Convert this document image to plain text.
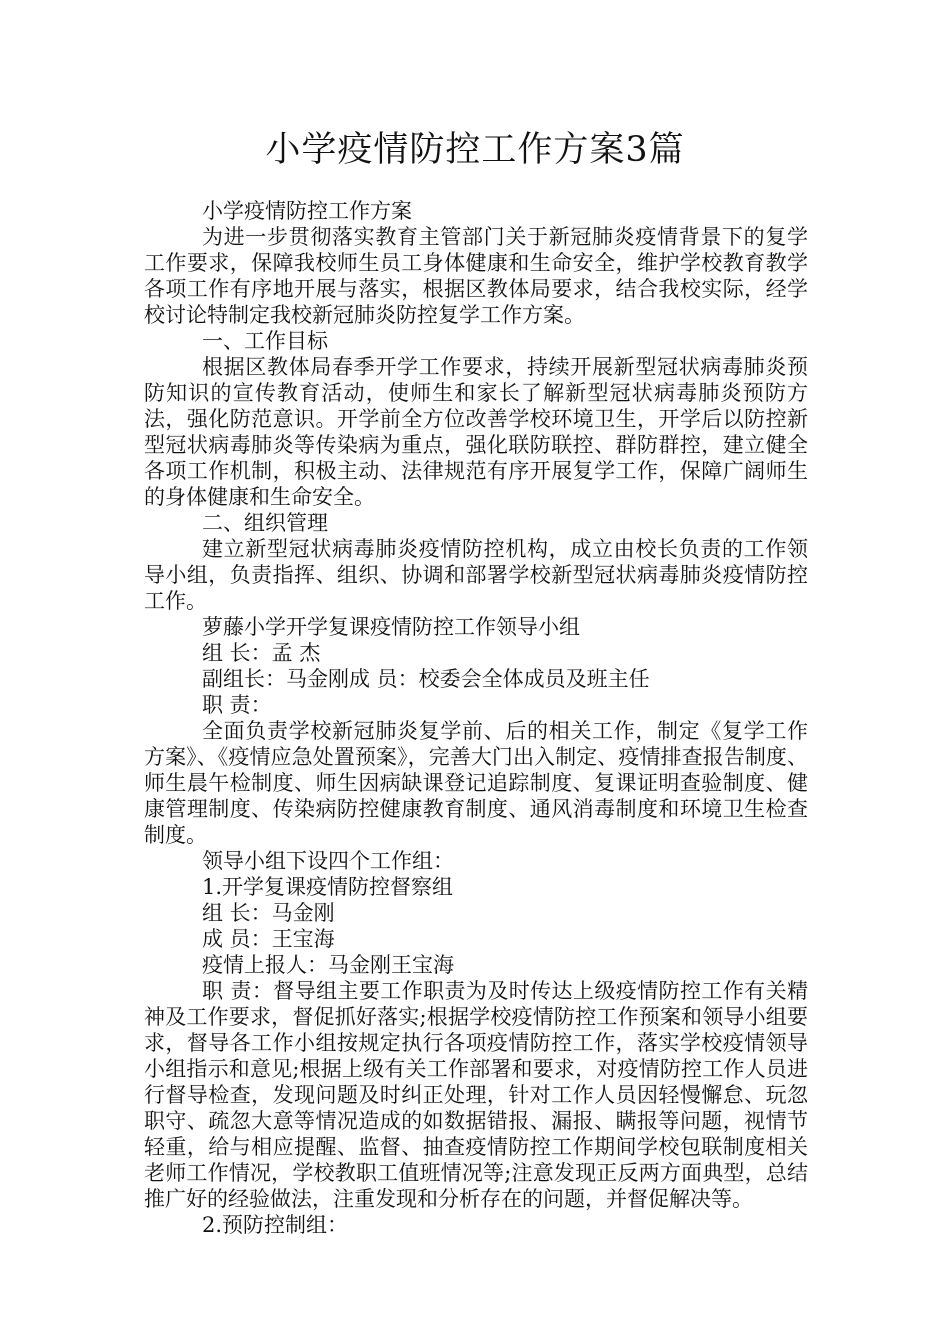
小学疫情防控工作方案3篇

小学疫情防控工作方案

为进一步贯彻落实教育主管部门关于新冠肺炎疫情背景下的复学工作要求，保障我校师生员工身体健康和生命安全，维护学校教育教学各项工作有序地开展与落实，根据区教体局要求，结合我校实际，经学校讨论特制定我校新冠肺炎防控复学工作方案。

一、工作目标

根据区教体局春季开学工作要求，持续开展新型冠状病毒肺炎预防知识的宣传教育活动，使师生和家长了解新型冠状病毒肺炎预防方法，强化防范意识。开学前全方位改善学校环境卫生，开学后以防控新型冠状病毒肺炎等传染病为重点，强化联防联控、群防群控，建立健全各项工作机制，积极主动、法律规范有序开展复学工作，保障广阔师生的身体健康和生命安全。

二、组织管理

建立新型冠状病毒肺炎疫情防控机构，成立由校长负责的工作领导小组，负责指挥、组织、协调和部署学校新型冠状病毒肺炎疫情防控工作。

萝藤小学开学复课疫情防控工作领导小组

组 长：孟 杰

副组长：马金刚成 员：校委会全体成员及班主任

职 责：

全面负责学校新冠肺炎复学前、后的相关工作，制定《复学工作方案》、《疫情应急处置预案》，完善大门出入制定、疫情排查报告制度、师生晨午检制度、师生因病缺课登记追踪制度、复课证明查验制度、健康管理制度、传染病防控健康教育制度、通风消毒制度和环境卫生检查制度。

领导小组下设四个工作组：

1.开学复课疫情防控督察组

组 长：马金刚

成 员：王宝海

疫情上报人：马金刚王宝海

职 责：督导组主要工作职责为及时传达上级疫情防控工作有关精神及工作要求，督促抓好落实;根据学校疫情防控工作预案和领导小组要求，督导各工作小组按规定执行各项疫情防控工作，落实学校疫情领导小组指示和意见;根据上级有关工作部署和要求，对疫情防控工作人员进行督导检查，发现问题及时纠正处理，针对工作人员因轻慢懈怠、玩忽职守、疏忽大意等情况造成的如数据错报、漏报、瞒报等问题，视情节轻重，给与相应提醒、监督、抽查疫情防控工作期间学校包联制度相关老师工作情况，学校教职工值班情况等;注意发现正反两方面典型，总结推广好的经验做法，注重发现和分析存在的问题，并督促解决等。

2.预防控制组：
